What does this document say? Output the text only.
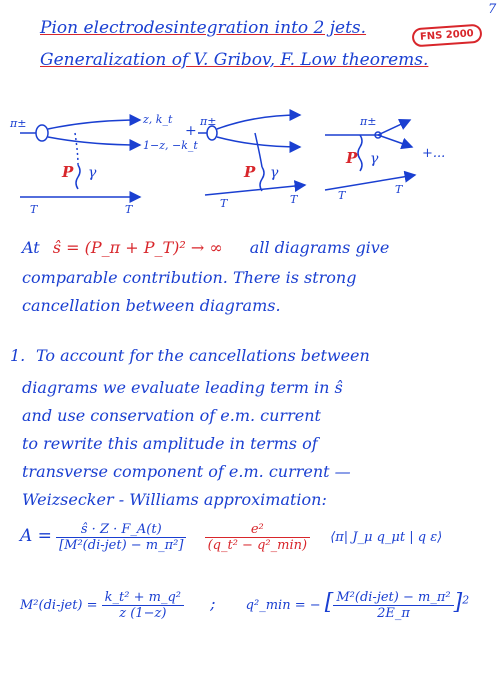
7
FNS 2000
Pion electrodesintegration into 2 jets.
Generalization of V. Gribov, F. Low theorems.
π±	z, k_t
1−z, −k_t
γ
T	T
+
π±
γ
T	T
π±
γ
T	T
+...
P	P
P
At ŝ = (P_π + P_T)² → ∞ all diagrams give
comparable contribution. There is strong
cancellation between diagrams.
1. To account for the cancellations between
diagrams we evaluate leading term in ŝ
and use conservation of e.m. current
to rewrite this amplitude in terms of
transverse component of e.m. current —
Weizsecker - Williams approximation:
$A = \frac{ŝ \cdot Z \cdot F\_A(t)}{\text{[M²(di-jet) − m\_π²]}}$
$\frac{\text{e²}}{\text{(q\_t² − q²\_min)}}$ ⟨π| J_μ q_μt | q ε⟩
$M^2(di-jet) = \frac{\text{k\_t² + m\_q²}}{z (1-z)}$ ; q²_min = − [ $\frac{\text{M²(di-jet) − m\_π²}}{2E\_\pi} ]^2$
